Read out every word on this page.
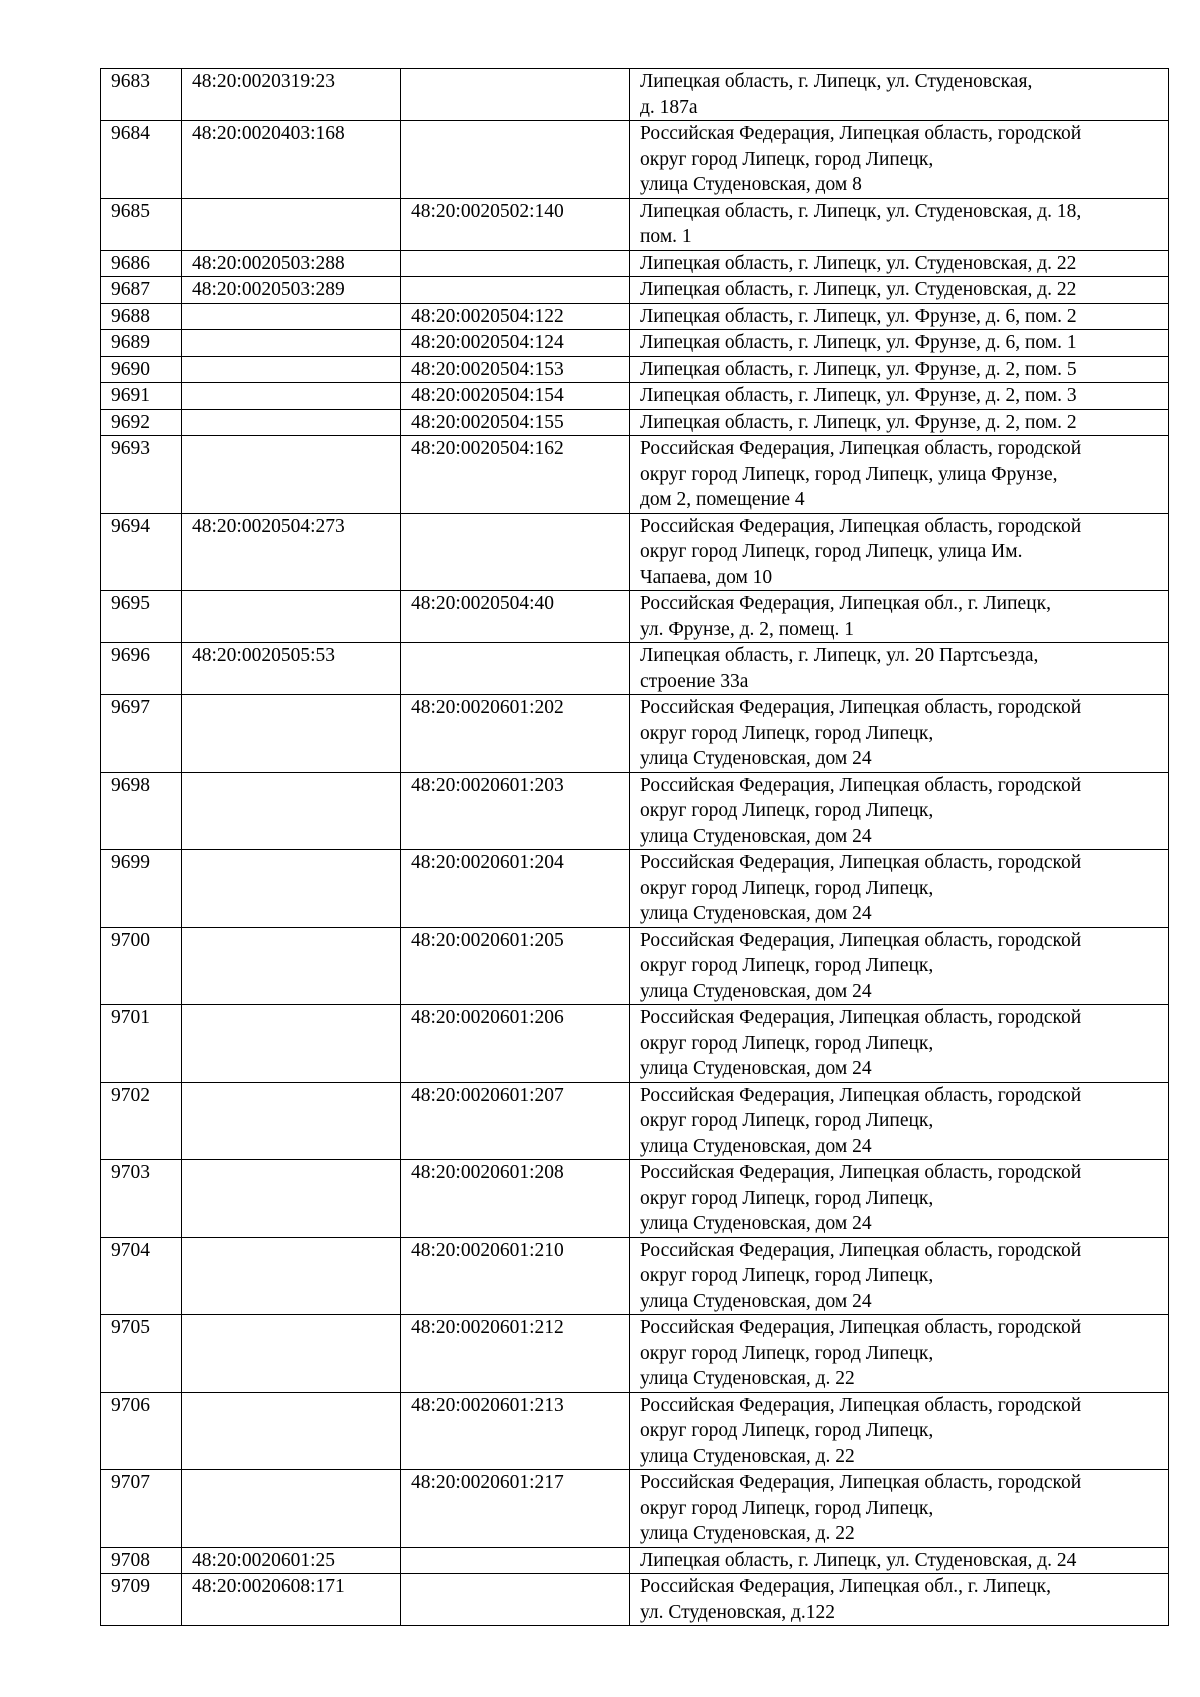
9683	48:20:0020319:23		Липецкая область, г. Липецк, ул. Студеновская,
д. 187а
9684	48:20:0020403:168		Российская Федерация, Липецкая область, городской
округ город Липецк, город Липецк,
улица Студеновская, дом 8
9685		48:20:0020502:140	Липецкая область, г. Липецк, ул. Студеновская, д. 18,
пом. 1
9686	48:20:0020503:288		Липецкая область, г. Липецк, ул. Студеновская, д. 22
9687	48:20:0020503:289		Липецкая область, г. Липецк, ул. Студеновская, д. 22
9688		48:20:0020504:122	Липецкая область, г. Липецк, ул. Фрунзе, д. 6, пом. 2
9689		48:20:0020504:124	Липецкая область, г. Липецк, ул. Фрунзе, д. 6, пом. 1
9690		48:20:0020504:153	Липецкая область, г. Липецк, ул. Фрунзе, д. 2, пом. 5
9691		48:20:0020504:154	Липецкая область, г. Липецк, ул. Фрунзе, д. 2, пом. 3
9692		48:20:0020504:155	Липецкая область, г. Липецк, ул. Фрунзе, д. 2, пом. 2
9693		48:20:0020504:162	Российская Федерация, Липецкая область, городской
округ город Липецк, город Липецк, улица Фрунзе,
дом 2, помещение 4
9694	48:20:0020504:273		Российская Федерация, Липецкая область, городской
округ город Липецк, город Липецк, улица Им.
Чапаева, дом 10
9695		48:20:0020504:40	Российская Федерация, Липецкая обл., г. Липецк,
ул. Фрунзе, д. 2, помещ. 1
9696	48:20:0020505:53		Липецкая область, г. Липецк, ул. 20 Партсъезда,
строение 33а
9697		48:20:0020601:202	Российская Федерация, Липецкая область, городской
округ город Липецк, город Липецк,
улица Студеновская, дом 24
9698		48:20:0020601:203	Российская Федерация, Липецкая область, городской
округ город Липецк, город Липецк,
улица Студеновская, дом 24
9699		48:20:0020601:204	Российская Федерация, Липецкая область, городской
округ город Липецк, город Липецк,
улица Студеновская, дом 24
9700		48:20:0020601:205	Российская Федерация, Липецкая область, городской
округ город Липецк, город Липецк,
улица Студеновская, дом 24
9701		48:20:0020601:206	Российская Федерация, Липецкая область, городской
округ город Липецк, город Липецк,
улица Студеновская, дом 24
9702		48:20:0020601:207	Российская Федерация, Липецкая область, городской
округ город Липецк, город Липецк,
улица Студеновская, дом 24
9703		48:20:0020601:208	Российская Федерация, Липецкая область, городской
округ город Липецк, город Липецк,
улица Студеновская, дом 24
9704		48:20:0020601:210	Российская Федерация, Липецкая область, городской
округ город Липецк, город Липецк,
улица Студеновская, дом 24
9705		48:20:0020601:212	Российская Федерация, Липецкая область, городской
округ город Липецк, город Липецк,
улица Студеновская, д. 22
9706		48:20:0020601:213	Российская Федерация, Липецкая область, городской
округ город Липецк, город Липецк,
улица Студеновская, д. 22
9707		48:20:0020601:217	Российская Федерация, Липецкая область, городской
округ город Липецк, город Липецк,
улица Студеновская, д. 22
9708	48:20:0020601:25		Липецкая область, г. Липецк, ул. Студеновская, д. 24
9709	48:20:0020608:171		Российская Федерация, Липецкая обл., г. Липецк,
ул. Студеновская, д.122
